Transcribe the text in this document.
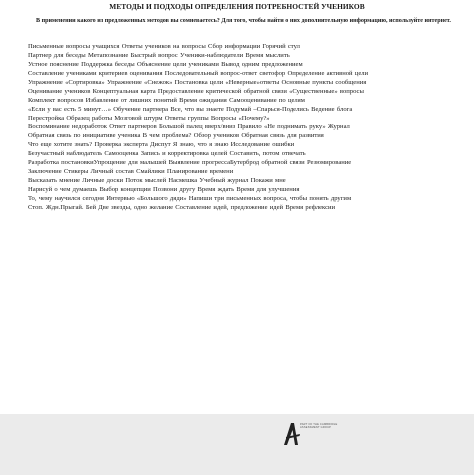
МЕТОДЫ И ПОДХОДЫ ОПРЕДЕЛЕНИЯ ПОТРЕБНОСТЕЙ УЧЕНИКОВ
В применении какого из предложенных методов вы сомневаетесь? Для того, чтобы найти о них дополнительную информацию, используйте интернет.
Письменные вопросы учащихся Ответы учеников на вопросы Сбор информации Горячий стул
Партнер для беседы Метапознание Быстрый вопрос Ученики-наблюдатели Время мыслить
Устное пояснение Поддержка беседы Объяснение цели учениками Вывод одним предложением
Составление учениками критериев оценивания Последовательный вопрос-ответ светофор Определение активной цели
Упражнение «Сортировка» Упражнение «Снежок» Постановка цели «Неверные»ответы Основные пункты сообщения
Оценивание учеников Концептуальная карта Предоставление критической обратной связи «Существенные» вопросы
Комплект вопросов Избавление от лишних понятий Время ожидания Самооценивание по целям
«Если у вас есть 5 минут…» Обучение партнера Все, что вы знаете Подумай –Спарься-Поделись Ведение блога
Перестройка Образец работы Мозговой штурм Ответы группы Вопросы «Почему?»
Воспоминание недоработок Ответ партнеров Большой палец вверх/вниз Правило «Не поднимать руку» Журнал
Обратная связь по инициативе ученика В чем проблема? Обзор учеников Обратная связь для развития
Что еще хотите знать? Проверка эксперта Диспут Я знаю, что я знаю Исследование ошибки
Безучастный наблюдатель Самооценка Запись и корректировка целей Составить, потом отвечать
Разработка постановкиУпрощение для малышей Выявление прогрессаБутерброд обратной связи Резюмирование
Заключение Стикеры Личный состав Смайлики Планирование времени
Высказать мнение Личные доски Поток мыслей Насмешка Учебный журнал Покажи мне
Нарисуй о чем думаешь Выбор концепции Позвони другу Время ждать Время для улучшения
То, чему научился сегодня Интервью «Большого дяди» Напиши три письменных вопроса, чтобы понять другим
Стоп. Ждн.Прыгай. Бей Две звезды, одно желание Составление идей, предложение идей Время рефлексии
PART OF THE CAMBRIDGE ASSESSMENT GROUP
